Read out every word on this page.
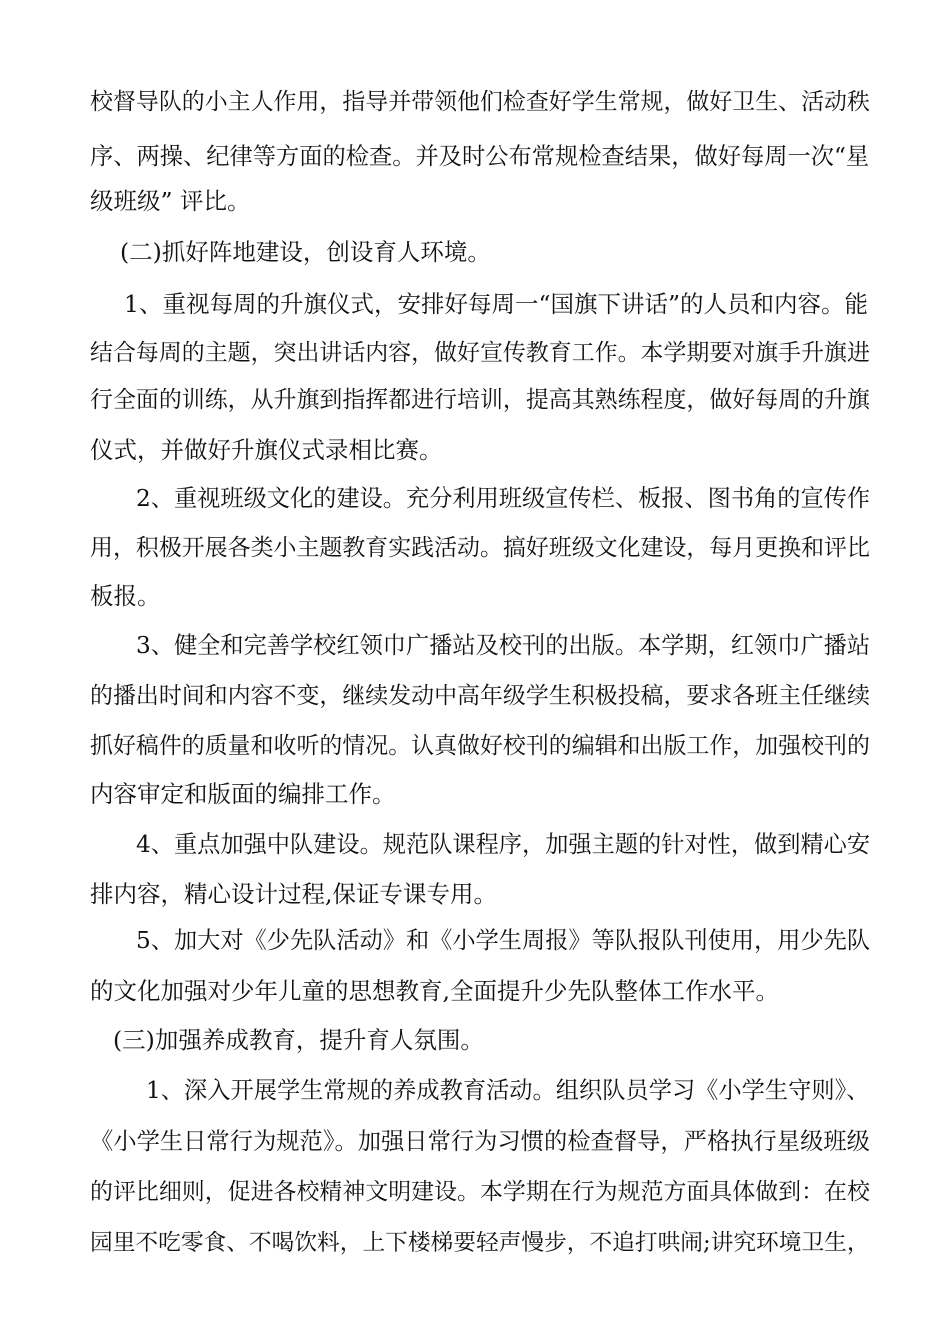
校督导队的小主人作用，指导并带领他们检查好学生常规，做好卫生、活动秩

序、两操、纪律等方面的检查。并及时公布常规检查结果，做好每周一次“星

级班级” 评比。

(二)抓好阵地建设，创设育人环境。

1、重视每周的升旗仪式，安排好每周一“国旗下讲话”的人员和内容。能

结合每周的主题，突出讲话内容，做好宣传教育工作。本学期要对旗手升旗进

行全面的训练，从升旗到指挥都进行培训，提高其熟练程度，做好每周的升旗

仪式，并做好升旗仪式录相比赛。

2、重视班级文化的建设。充分利用班级宣传栏、板报、图书角的宣传作

用，积极开展各类小主题教育实践活动。搞好班级文化建设，每月更换和评比

板报。

3、健全和完善学校红领巾广播站及校刊的出版。本学期，红领巾广播站

的播出时间和内容不变，继续发动中高年级学生积极投稿，要求各班主任继续

抓好稿件的质量和收听的情况。认真做好校刊的编辑和出版工作，加强校刊的

内容审定和版面的编排工作。

4、重点加强中队建设。规范队课程序，加强主题的针对性，做到精心安

排内容，精心设计过程,保证专课专用。

5、加大对《少先队活动》和《小学生周报》等队报队刊使用，用少先队

的文化加强对少年儿童的思想教育,全面提升少先队整体工作水平。

(三)加强养成教育，提升育人氛围。

1、深入开展学生常规的养成教育活动。组织队员学习《小学生守则》、

《小学生日常行为规范》。加强日常行为习惯的检查督导，严格执行星级班级

的评比细则，促进各校精神文明建设。本学期在行为规范方面具体做到：在校

园里不吃零食、不喝饮料，上下楼梯要轻声慢步，不追打哄闹;讲究环境卫生，
